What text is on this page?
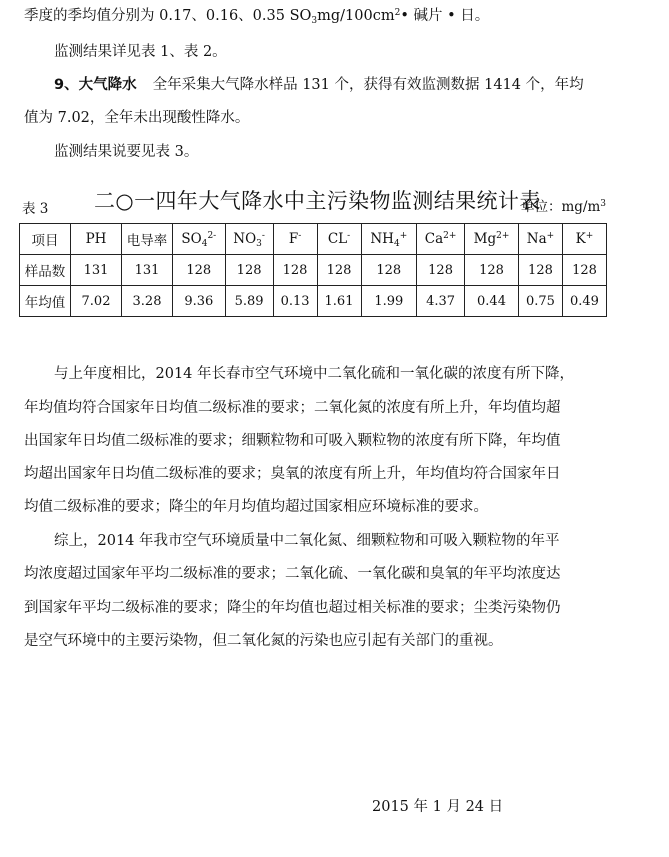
季度的季均值分别为 0.17、0.16、0.35 $SO_3mg/100cm^2•$ 碱片 • 日。
监测结果详见表 1、表 2。
9、大气降水 全年采集大气降水样品 131 个，获得有效监测数据 1414 个，年均
值为 7.02，全年未出现酸性降水。
监测结果说要见表 3。
表 3 二○一四年大气降水中主污染物监测结果统计表
单位：$mg/m^3$
项目	PH	电导率	$SO_4^{2-}$	$NO_3^-$	F-	CL-	$NH_4^+$	$Ca^{2+}$	$Mg^{2+}$	Na+	K+
样品数	131	131	128	128	128	128	128	128	128	128	128
年均值	7.02	3.28	9.36	5.89	0.13	1.61	1.99	4.37	0.44	0.75	0.49
与上年度相比，2014 年长春市空气环境中二氧化硫和一氧化碳的浓度有所下降，
年均值均符合国家年日均值二级标准的要求；二氧化氮的浓度有所上升，年均值均超
出国家年日均值二级标准的要求；细颗粒物和可吸入颗粒物的浓度有所下降，年均值
均超出国家年日均值二级标准的要求；臭氧的浓度有所上升，年均值均符合国家年日
均值二级标准的要求；降尘的年月均值均超过国家相应环境标准的要求。
综上，2014 年我市空气环境质量中二氧化氮、细颗粒物和可吸入颗粒物的年平
均浓度超过国家年平均二级标准的要求；二氧化硫、一氧化碳和臭氧的年平均浓度达
到国家年平均二级标准的要求；降尘的年均值也超过相关标准的要求；尘类污染物仍
是空气环境中的主要污染物，但二氧化氮的污染也应引起有关部门的重视。
2015 年 1 月 24 日
